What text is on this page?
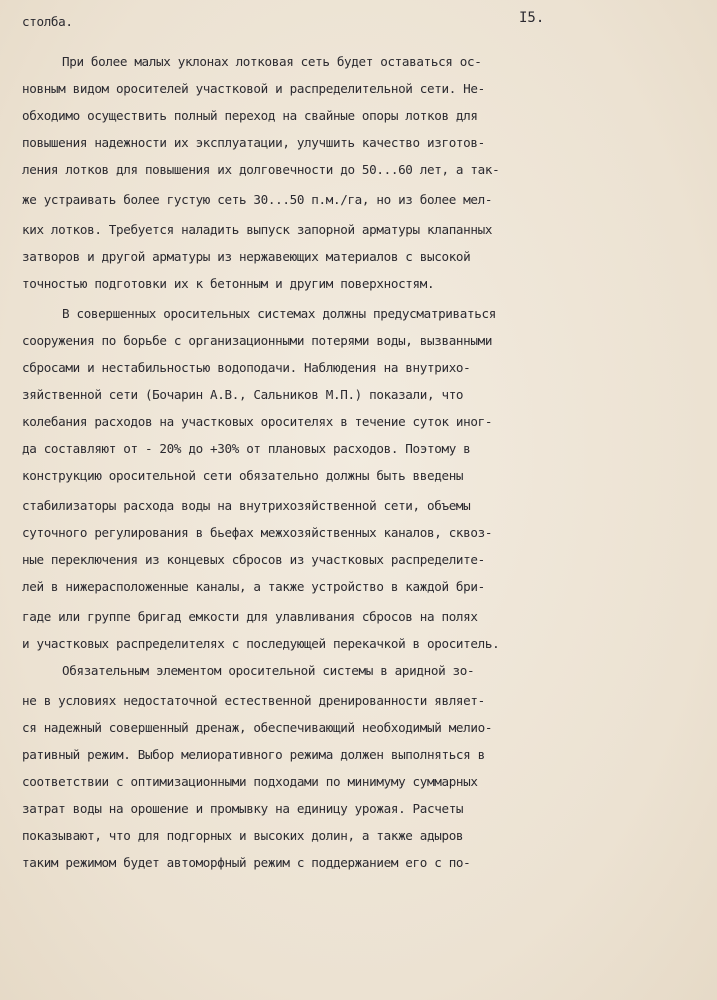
I5.
столба.
При более малых уклонах лотковая сеть будет оставаться ос-
новным видом оросителей участковой и распределительной сети. Не-
обходимо осуществить полный переход на свайные опоры лотков для
повышения надежности их эксплуатации, улучшить качество изготов-
ления лотков для повышения их долговечности до 50...60 лет, а так-
же устраивать более густую сеть 30...50 п.м./га, но из более мел-
ких лотков. Требуется наладить выпуск запорной арматуры клапанных
затворов и другой арматуры из нержавеющих материалов с высокой
точностью подготовки их к бетонным и другим поверхностям.
В совершенных оросительных системах должны предусматриваться
сооружения по борьбе с организационными потерями воды, вызванными
сбросами и нестабильностью водоподачи. Наблюдения на внутрихо-
зяйственной сети (Бочарин А.В., Сальников М.П.) показали, что
колебания расходов на участковых оросителях в течение суток иног-
да составляют от - 20% до +30% от плановых расходов. Поэтому в
конструкцию оросительной сети обязательно должны быть введены
стабилизаторы расхода воды на внутрихозяйственной сети, объемы
суточного регулирования в бьефах межхозяйственных каналов, сквоз-
ные переключения из концевых сбросов из участковых распределите-
лей в нижерасположенные каналы, а также устройство в каждой бри-
гаде или группе бригад емкости для улавливания сбросов на полях
и участковых распределителях с последующей перекачкой в ороситель.
Обязательным элементом оросительной системы в аридной зо-
не в условиях недостаточной естественной дренированности являет-
ся надежный совершенный дренаж, обеспечивающий необходимый мелио-
ративный режим. Выбор мелиоративного режима должен выполняться в
соответствии с оптимизационными подходами по минимуму суммарных
затрат воды на орошение и промывку на единицу урожая. Расчеты
показывают, что для подгорных и высоких долин, а также адыров
таким режимом будет автоморфный режим с поддержанием его с по-
